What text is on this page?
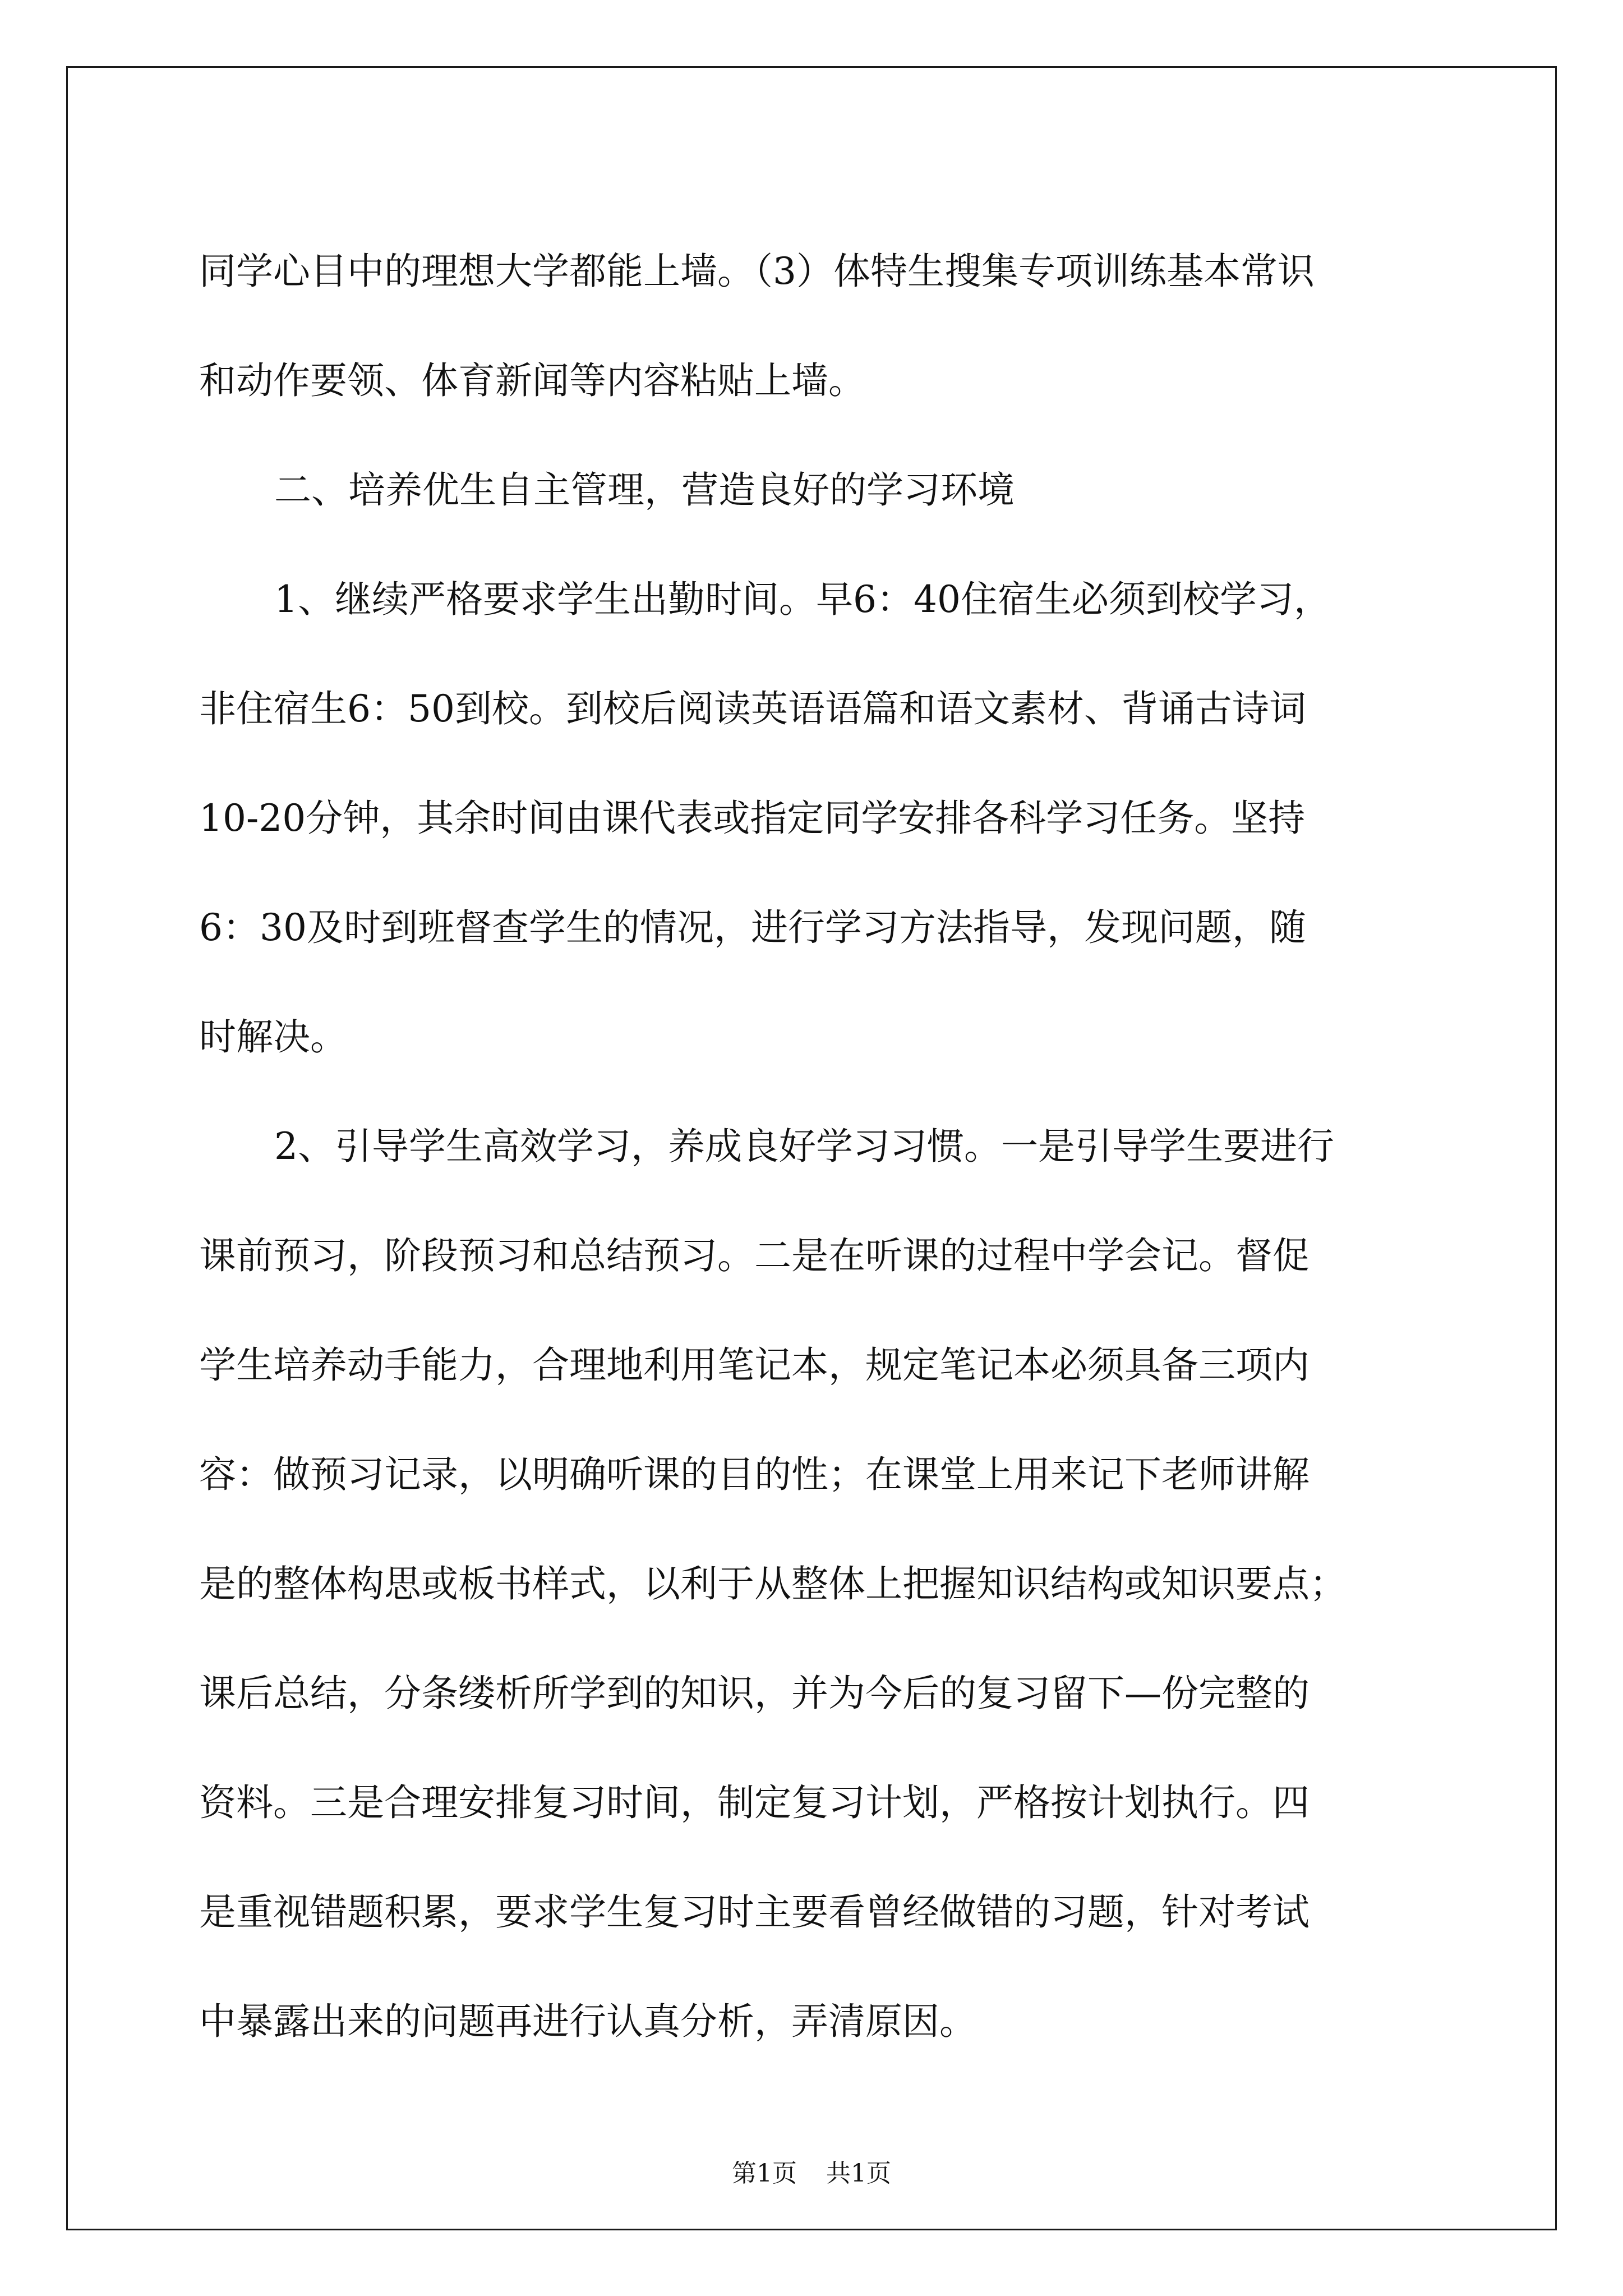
同学心目中的理想大学都能上墙。（3）体特生搜集专项训练基本常识
和动作要领、体育新闻等内容粘贴上墙。
二、培养优生自主管理，营造良好的学习环境
1、继续严格要求学生出勤时间。早6：40住宿生必须到校学习，
非住宿生6：50到校。到校后阅读英语语篇和语文素材、背诵古诗词
10-20分钟，其余时间由课代表或指定同学安排各科学习任务。坚持
6：30及时到班督查学生的情况，进行学习方法指导，发现问题，随
时解决。
2、引导学生高效学习，养成良好学习习惯。一是引导学生要进行
课前预习，阶段预习和总结预习。二是在听课的过程中学会记。督促
学生培养动手能力，合理地利用笔记本，规定笔记本必须具备三项内
容：做预习记录，以明确听课的目的性；在课堂上用来记下老师讲解
是的整体构思或板书样式，以利于从整体上把握知识结构或知识要点；
课后总结，分条缕析所学到的知识，并为今后的复习留下—份完整的
资料。三是合理安排复习时间，制定复习计划，严格按计划执行。四
是重视错题积累，要求学生复习时主要看曾经做错的习题，针对考试
中暴露出来的问题再进行认真分析，弄清原因。
第1页 共1页
